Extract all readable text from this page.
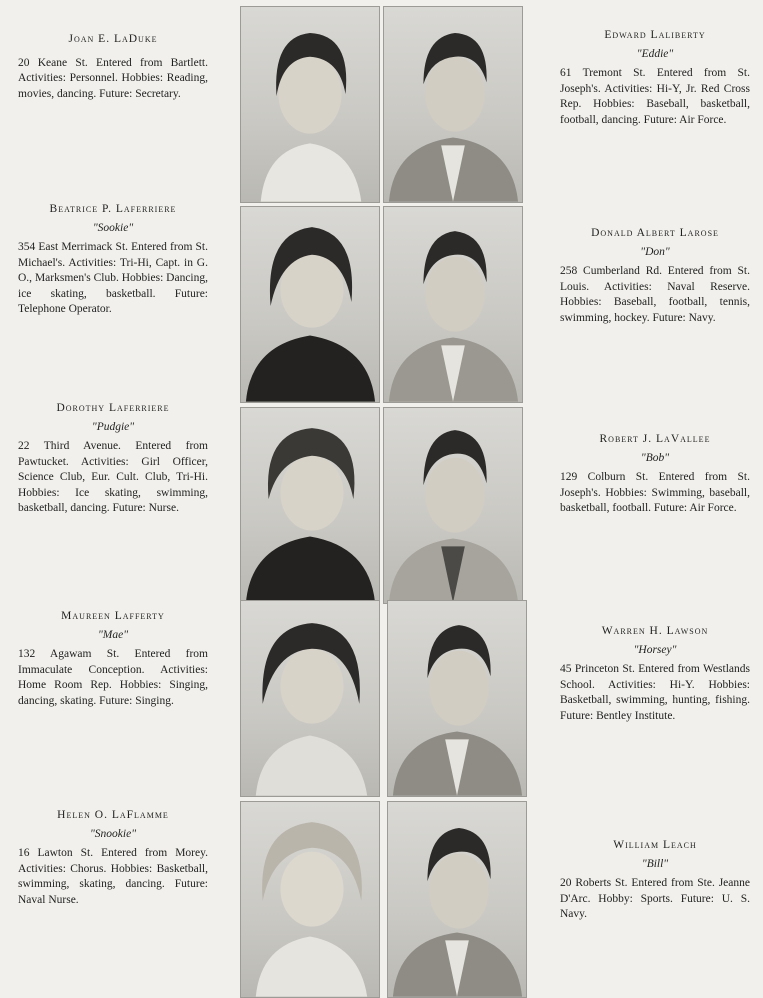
Joan E. LaDuke
20 Keane St. Entered from Bartlett. Activities: Personnel. Hobbies: Reading, movies, dancing. Future: Secretary.
Beatrice P. Laferriere
"Sookie"
354 East Merrimack St. Entered from St. Michael's. Activities: Tri-Hi, Capt. in G. O., Marksmen's Club. Hobbies: Dancing, ice skating, basketball. Future: Telephone Operator.
Dorothy Laferriere
"Pudgie"
22 Third Avenue. Entered from Pawtucket. Activities: Girl Officer, Science Club, Eur. Cult. Club, Tri-Hi. Hobbies: Ice skating, swimming, basketball, dancing. Future: Nurse.
Maureen Lafferty
"Mae"
132 Agawam St. Entered from Immaculate Conception. Activities: Home Room Rep. Hobbies: Singing, dancing, skating. Future: Singing.
Helen O. LaFlamme
"Snookie"
16 Lawton St. Entered from Morey. Activities: Chorus. Hobbies: Basketball, swimming, skating, dancing. Future: Naval Nurse.
Edward Laliberty
"Eddie"
61 Tremont St. Entered from St. Joseph's. Activities: Hi-Y, Jr. Red Cross Rep. Hobbies: Baseball, basketball, football, dancing. Future: Air Force.
Donald Albert Larose
"Don"
258 Cumberland Rd. Entered from St. Louis. Activities: Naval Reserve. Hobbies: Baseball, football, tennis, swimming, hockey. Future: Navy.
Robert J. LaVallee
"Bob"
129 Colburn St. Entered from St. Joseph's. Hobbies: Swimming, baseball, basketball, football. Future: Air Force.
Warren H. Lawson
"Horsey"
45 Princeton St. Entered from Westlands School. Activities: Hi-Y. Hobbies: Basketball, swimming, hunting, fishing. Future: Bentley Institute.
William Leach
"Bill"
20 Roberts St. Entered from Ste. Jeanne D'Arc. Hobby: Sports. Future: U. S. Navy.
